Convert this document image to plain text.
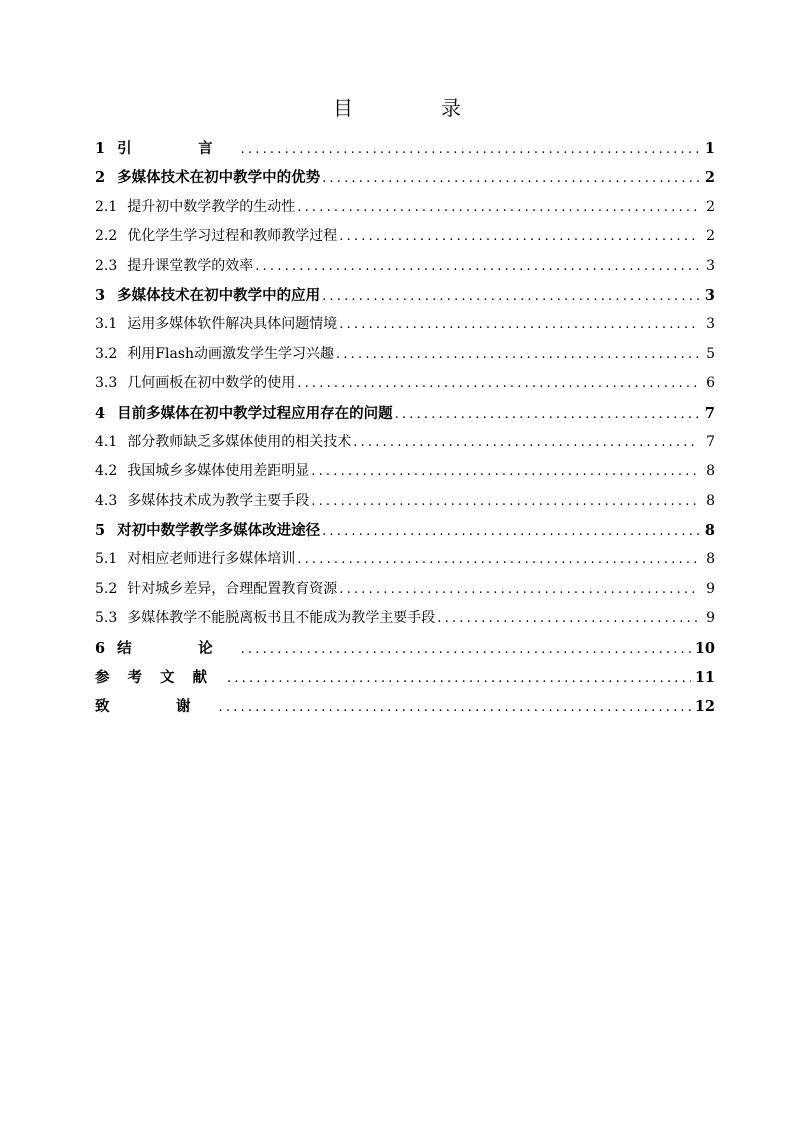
目　录
1 引　言 .....	1
2 多媒体技术在初中教学中的优势 .....	2
2.1 提升初中数学教学的生动性 .....	2
2.2 优化学生学习过程和教师教学过程 .....	2
2.3 提升课堂教学的效率 .....	3
3 多媒体技术在初中教学中的应用 .....	3
3.1 运用多媒体软件解决具体问题情境 .....	3
3.2 利用Flash动画激发学生学习兴趣 .....	5
3.3 几何画板在初中数学的使用 .....	6
4 目前多媒体在初中教学过程应用存在的问题 .....	7
4.1 部分教师缺乏多媒体使用的相关技术 .....	7
4.2 我国城乡多媒体使用差距明显 .....	8
4.3 多媒体技术成为教学主要手段 .....	8
5 对初中数学教学多媒体改进途径 .....	8
5.1 对相应老师进行多媒体培训 .....	8
5.2 针对城乡差异，合理配置教育资源 .....	9
5.3 多媒体教学不能脱离板书且不能成为教学主要手段 .....	9
6 结　论 .....	10
参考文献 .....	11
致　谢 .....	12
